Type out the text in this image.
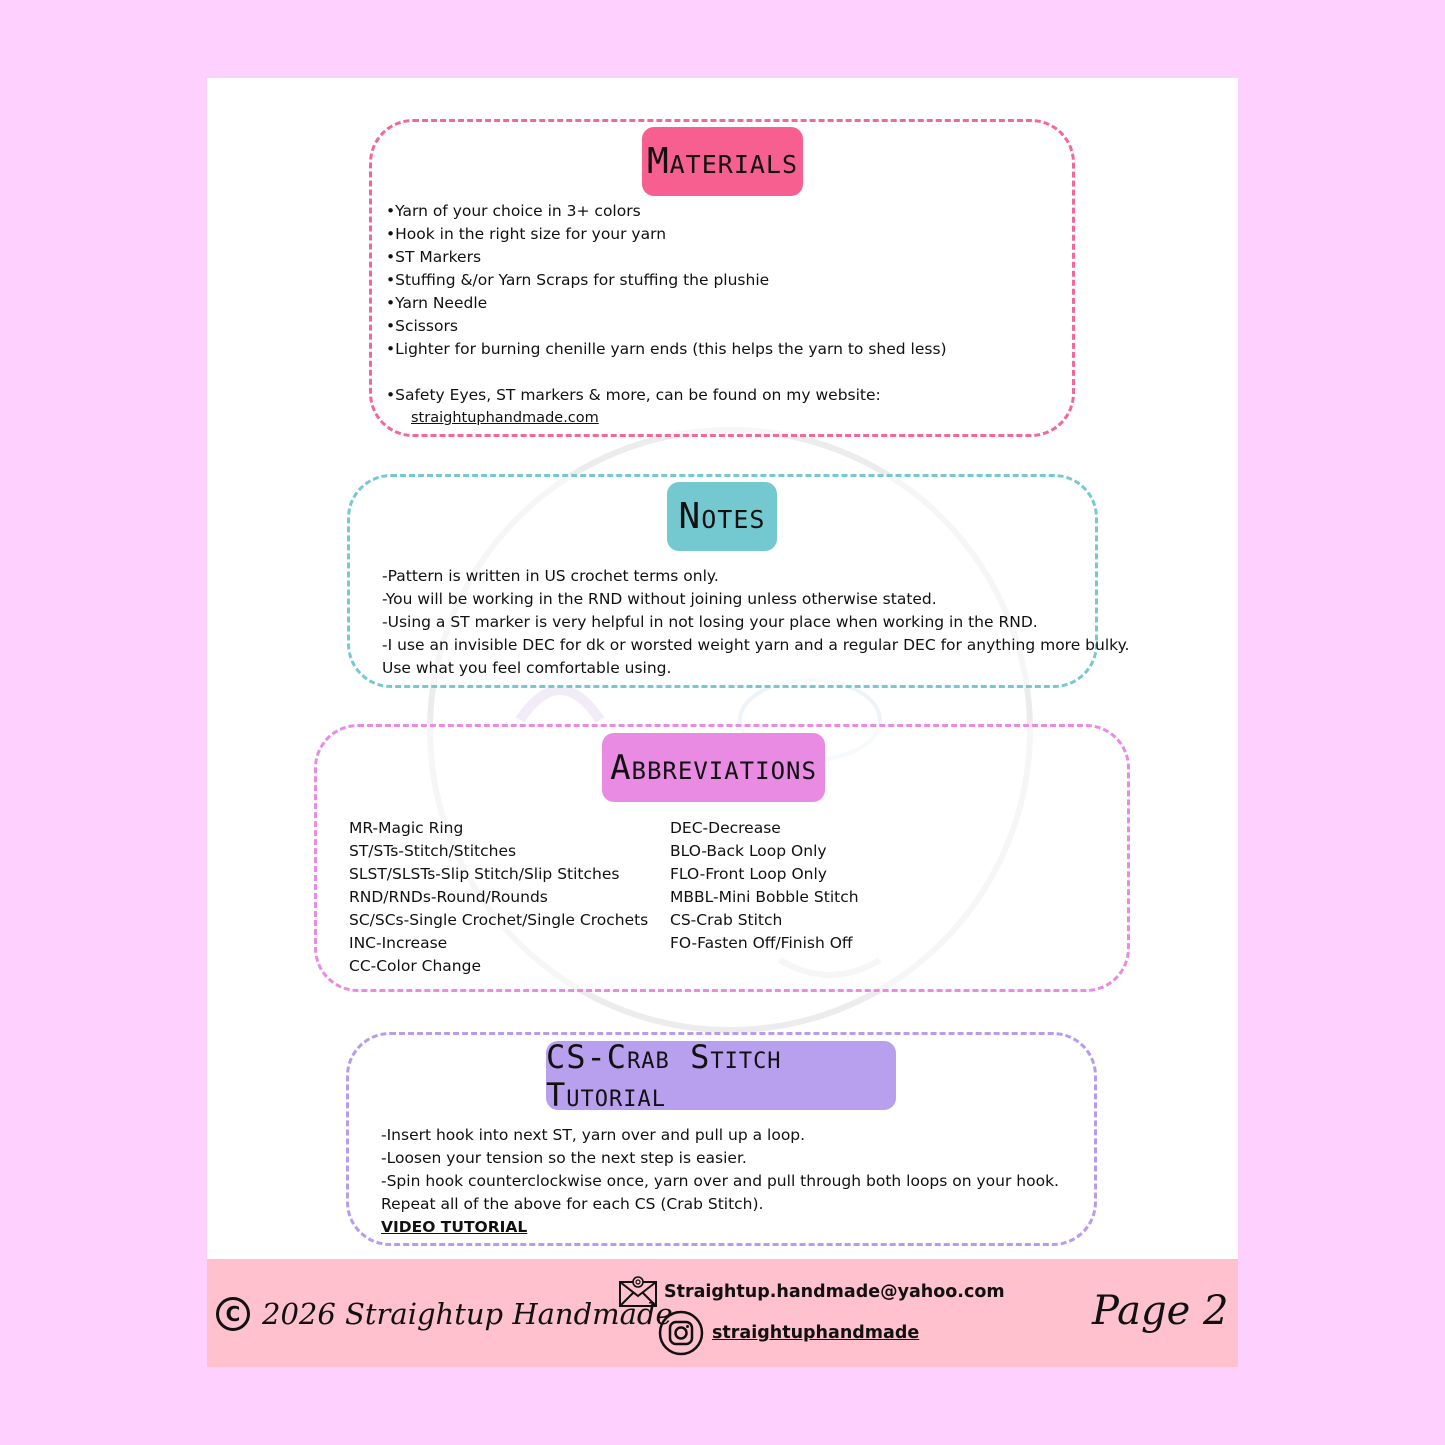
Materials
•Yarn of your choice in 3+ colors
•Hook in the right size for your yarn
•ST Markers
•Stuffing &/or Yarn Scraps for stuffing the plushie
•Yarn Needle
•Scissors
•Lighter for burning chenille yarn ends (this helps the yarn to shed less)
•Safety Eyes, ST markers & more, can be found on my website:
straightuphandmade.com
Notes
-Pattern is written in US crochet terms only.
-You will be working in the RND without joining unless otherwise stated.
-Using a ST marker is very helpful in not losing your place when working in the RND.
-I use an invisible DEC for dk or worsted weight yarn and a regular DEC for anything more bulky.
Use what you feel comfortable using.
Abbreviations
MR-Magic Ring
ST/STs-Stitch/Stitches
SLST/SLSTs-Slip Stitch/Slip Stitches
RND/RNDs-Round/Rounds
SC/SCs-Single Crochet/Single Crochets
INC-Increase
CC-Color Change
DEC-Decrease
BLO-Back Loop Only
FLO-Front Loop Only
MBBL-Mini Bobble Stitch
CS-Crab Stitch
FO-Fasten Off/Finish Off
CS-Crab Stitch Tutorial
-Insert hook into next ST, yarn over and pull up a loop.
-Loosen your tension so the next step is easier.
-Spin hook counterclockwise once, yarn over and pull through both loops on your hook.
Repeat all of the above for each CS (Crab Stitch).
VIDEO TUTORIAL
C 2026 Straightup Handmade
Straightup.handmade@yahoo.com
straightuphandmade	Page 2
